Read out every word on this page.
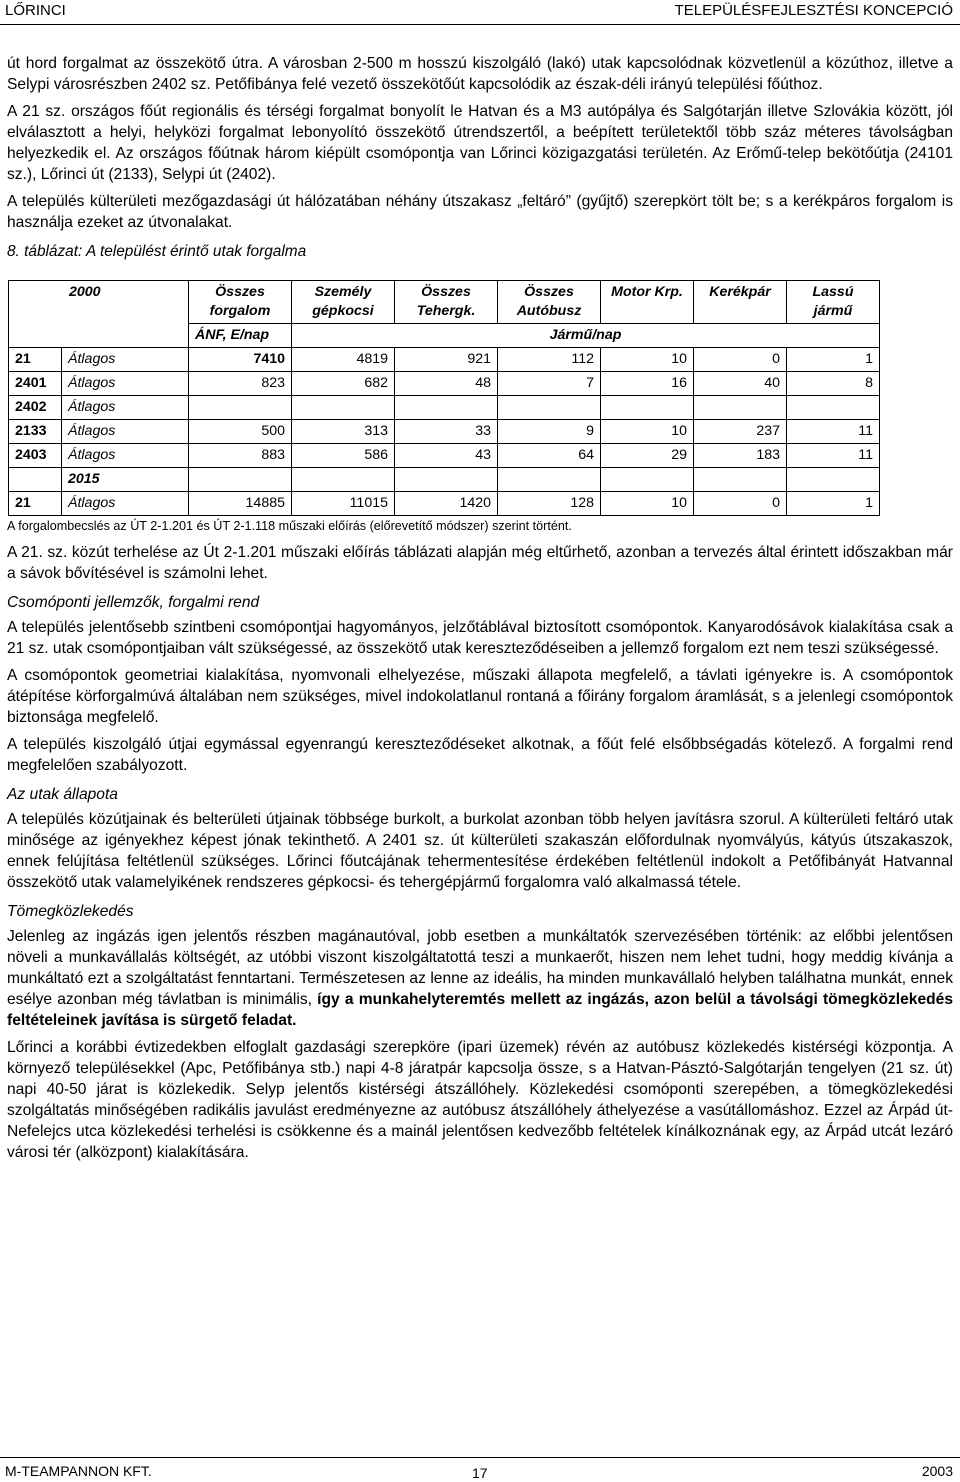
LŐRINCI	TELEPÜLÉSFEJLESZTÉSI KONCEPCIÓ

út hord forgalmat az összekötő útra. A városban 2-500 m hosszú kiszolgáló (lakó) utak kapcsolódnak közvetlenül a közúthoz, illetve a Selypi városrészben 2402 sz. Petőfibánya felé vezető összekötőút kapcsolódik az észak-déli irányú települési főúthoz.

A 21 sz. országos főút regionális és térségi forgalmat bonyolít le Hatvan és a M3 autópálya és Salgótarján illetve Szlovákia között, jól elválasztott a helyi, helyközi forgalmat lebonyolító összekötő útrendszertől, a beépített területektől több száz méteres távolságban helyezkedik el. Az országos főútnak három kiépült csomópontja van Lőrinci közigazgatási területén. Az Erőmű-telep bekötőútja (24101 sz.), Lőrinci út (2133), Selypi út (2402).

A település külterületi mezőgazdasági út hálózatában néhány útszakasz „feltáró” (gyűjtő) szerepkört tölt be; s a kerékpáros forgalom is használja ezeket az útvonalakat.

8. táblázat: A települést érintő utak forgalma
2000		Összes forgalom	Személy gépkocsi	Összes Tehergk.	Összes Autóbusz	Motor Krp.	Kerékpár	Lassú jármű
		ÁNF, E/nap	Jármű/nap					
21	Átlagos	7410	4819	921	112	10	0	1
2401	Átlagos	823	682	48	7	16	40	8
2402	Átlagos							
2133	Átlagos	500	313	33	9	10	237	11
2403	Átlagos	883	586	43	64	29	183	11
	2015							
21	Átlagos	14885	11015	1420	128	10	0	1
A forgalombecslés az ÚT 2-1.201 és ÚT 2-1.118 műszaki előírás (előrevetítő módszer) szerint történt.

A 21. sz. közút terhelése az Út 2-1.201 műszaki előírás táblázati alapján még eltűrhető, azonban a tervezés által érintett időszakban már a sávok bővítésével is számolni lehet.

Csomóponti jellemzők, forgalmi rend

A település jelentősebb szintbeni csomópontjai hagyományos, jelzőtáblával biztosított csomópontok. Kanyarodósávok kialakítása csak a 21 sz. utak csomópontjaiban vált szükségessé, az összekötő utak kereszteződéseiben a jellemző forgalom ezt nem teszi szükségessé.

A csomópontok geometriai kialakítása, nyomvonali elhelyezése, műszaki állapota megfelelő, a távlati igényekre is. A csomópontok átépítése körforgalmúvá általában nem szükséges, mivel indokolatlanul rontaná a főirány forgalom áramlását, s a jelenlegi csomópontok biztonsága megfelelő.

A település kiszolgáló útjai egymással egyenrangú kereszteződéseket alkotnak, a főút felé elsőbbségadás kötelező. A forgalmi rend megfelelően szabályozott.

Az utak állapota

A település közútjainak és belterületi útjainak többsége burkolt, a burkolat azonban több helyen javításra szorul. A külterületi feltáró utak minősége az igényekhez képest jónak tekinthető. A 2401 sz. út külterületi szakaszán előfordulnak nyomvályús, kátyús útszakaszok, ennek felújítása feltétlenül szükséges. Lőrinci főutcájának tehermentesítése érdekében feltétlenül indokolt a Petőfibányát Hatvannal összekötő utak valamelyikének rendszeres gépkocsi- és tehergépjármű forgalomra való alkalmassá tétele.

Tömegközlekedés

Jelenleg az ingázás igen jelentős részben magánautóval, jobb esetben a munkáltatók szervezésében történik: az előbbi jelentősen növeli a munkavállalás költségét, az utóbbi viszont kiszolgáltatottá teszi a munkaerőt, hiszen nem lehet tudni, hogy meddig kívánja a munkáltató ezt a szolgáltatást fenntartani. Természetesen az lenne az ideális, ha minden munkavállaló helyben találhatna munkát, ennek esélye azonban még távlatban is minimális, így a munkahelyteremtés mellett az ingázás, azon belül a távolsági tömegközlekedés feltételeinek javítása is sürgető feladat.

Lőrinci a korábbi évtizedekben elfoglalt gazdasági szerepköre (ipari üzemek) révén az autóbusz közlekedés kistérségi központja. A környező településekkel (Apc, Petőfibánya stb.) napi 4-8 járatpár kapcsolja össze, s a Hatvan-Pásztó-Salgótarján tengelyen (21 sz. út) napi 40-50 járat is közlekedik. Selyp jelentős kistérségi átszállóhely. Közlekedési csomóponti szerepében, a tömegközlekedési szolgáltatás minőségében radikális javulást eredményezne az autóbusz átszállóhely áthelyezése a vasútállomáshoz. Ezzel az Árpád út-Nefelejcs utca közlekedési terhelési is csökkenne és a mainál jelentősen kedvezőbb feltételek kínálkoznának egy, az Árpád utcát lezáró városi tér (alközpont) kialakítására.

M-TEAMPANNON KFT.	17	2003
